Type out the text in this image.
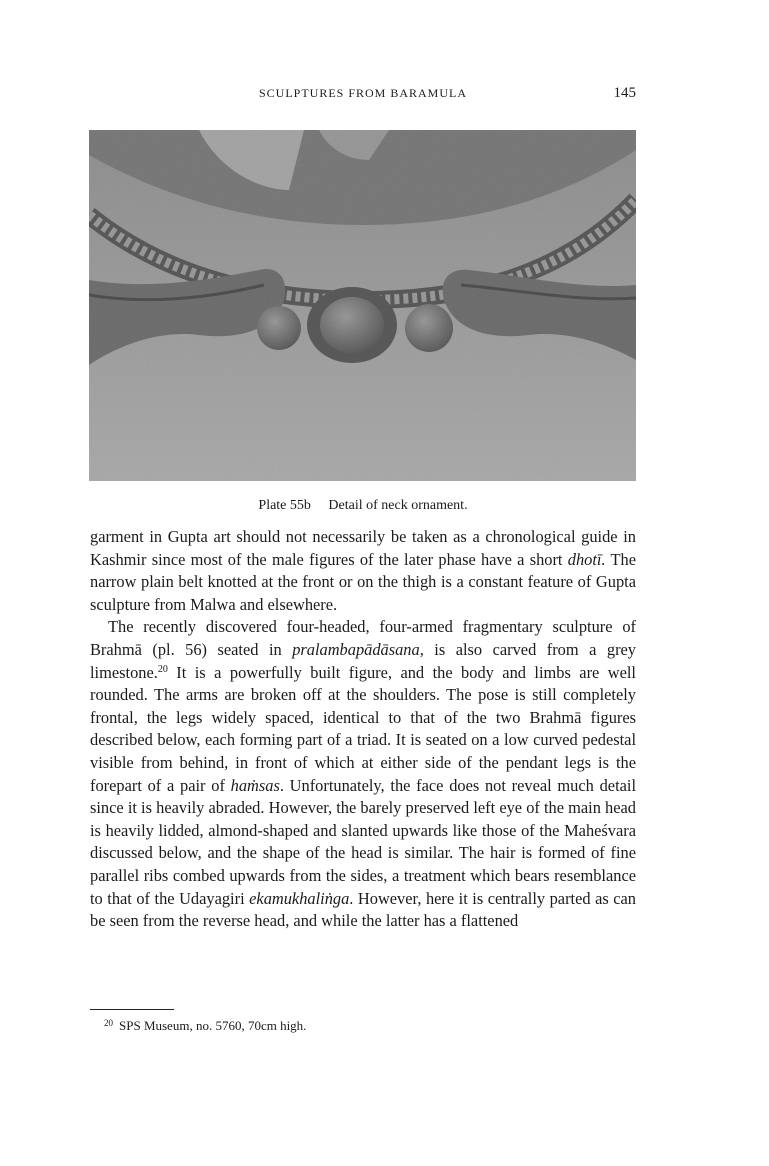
SCULPTURES FROM BARAMULA	145
Plate 55b Detail of neck ornament.

garment in Gupta art should not necessarily be taken as a chronological guide in Kashmir since most of the male figures of the later phase have a short dhotī. The narrow plain belt knotted at the front or on the thigh is a constant feature of Gupta sculpture from Malwa and elsewhere.

The recently discovered four-headed, four-armed fragmentary sculpture of Brahmā (pl. 56) seated in pralambapādāsana, is also carved from a grey limestone.$^{20}$ It is a powerfully built figure, and the body and limbs are well rounded. The arms are broken off at the shoulders. The pose is still completely frontal, the legs widely spaced, identical to that of the two Brahmā figures described below, each forming part of a triad. It is seated on a low curved pedestal visible from behind, in front of which at either side of the pendant legs is the forepart of a pair of haṁsas. Unfortunately, the face does not reveal much detail since it is heavily abraded. However, the barely preserved left eye of the main head is heavily lidded, almond-shaped and slanted upwards like those of the Maheśvara discussed below, and the shape of the head is similar. The hair is formed of fine parallel ribs combed upwards from the sides, a treatment which bears resemblance to that of the Udayagiri ekamukhaliṅga. However, here it is centrally parted as can be seen from the reverse head, and while the latter has a flattened

$^{20}$ SPS Museum, no. 5760, 70cm high.
